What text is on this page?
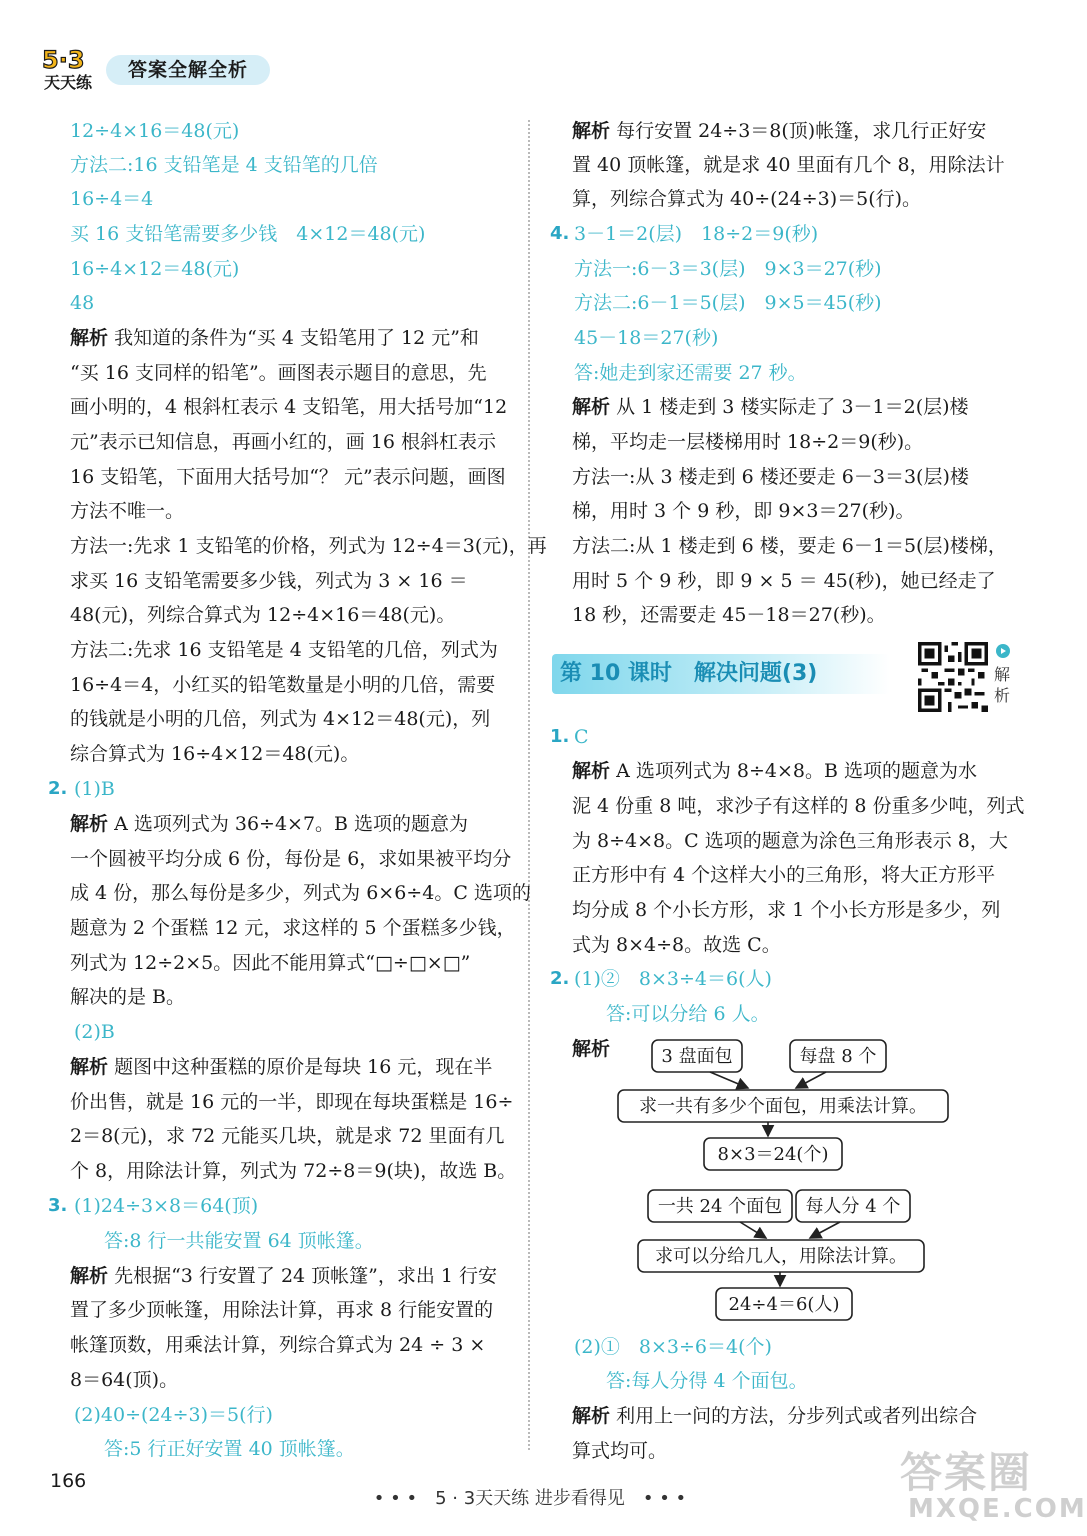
5·3
天天练
答案全解全析
12÷4×16＝48(元)
方法二:16 支铅笔是 4 支铅笔的几倍
16÷4＝4
买 16 支铅笔需要多少钱　4×12＝48(元)
16÷4×12＝48(元)
48
解析 我知道的条件为“买 4 支铅笔用了 12 元”和
“买 16 支同样的铅笔”。画图表示题目的意思，先
画小明的，4 根斜杠表示 4 支铅笔，用大括号加“12
元”表示已知信息，再画小红的，画 16 根斜杠表示
16 支铅笔，下面用大括号加“？ 元”表示问题，画图
方法不唯一。
方法一:先求 1 支铅笔的价格，列式为 12÷4＝3(元)，再
求买 16 支铅笔需要多少钱，列式为 3 × 16 ＝
48(元)，列综合算式为 12÷4×16＝48(元)。
方法二:先求 16 支铅笔是 4 支铅笔的几倍，列式为
16÷4＝4，小红买的铅笔数量是小明的几倍，需要
的钱就是小明的几倍，列式为 4×12＝48(元)，列
综合算式为 16÷4×12＝48(元)。
2. (1)B
解析 A 选项列式为 36÷4×7。B 选项的题意为
一个圆被平均分成 6 份，每份是 6，求如果被平均分
成 4 份，那么每份是多少，列式为 6×6÷4。C 选项的
题意为 2 个蛋糕 12 元，求这样的 5 个蛋糕多少钱，
列式为 12÷2×5。因此不能用算式“□÷□×□”
解决的是 B。
(2)B
解析 题图中这种蛋糕的原价是每块 16 元，现在半
价出售，就是 16 元的一半，即现在每块蛋糕是 16÷
2＝8(元)，求 72 元能买几块，就是求 72 里面有几
个 8，用除法计算，列式为 72÷8＝9(块)，故选 B。
3. (1)24÷3×8＝64(顶)
答:8 行一共能安置 64 顶帐篷。
解析 先根据“3 行安置了 24 顶帐篷”，求出 1 行安
置了多少顶帐篷，用除法计算，再求 8 行能安置的
帐篷顶数，用乘法计算，列综合算式为 24 ÷ 3 ×
8＝64(顶)。
(2)40÷(24÷3)＝5(行)
答:5 行正好安置 40 顶帐篷。
解析 每行安置 24÷3＝8(顶)帐篷，求几行正好安
置 40 顶帐篷，就是求 40 里面有几个 8，用除法计
算，列综合算式为 40÷(24÷3)＝5(行)。
4. 3－1＝2(层)　18÷2＝9(秒)
方法一:6－3＝3(层)　9×3＝27(秒)
方法二:6－1＝5(层)　9×5＝45(秒)
45－18＝27(秒)
答:她走到家还需要 27 秒。
解析 从 1 楼走到 3 楼实际走了 3－1＝2(层)楼
梯，平均走一层楼梯用时 18÷2＝9(秒)。
方法一:从 3 楼走到 6 楼还要走 6－3＝3(层)楼
梯，用时 3 个 9 秒，即 9×3＝27(秒)。
方法二:从 1 楼走到 6 楼，要走 6－1＝5(层)楼梯，
用时 5 个 9 秒，即 9 × 5 ＝ 45(秒)，她已经走了
18 秒，还需要走 45－18＝27(秒)。
第 10 课时　解决问题(3)	解析
1. C
解析 A 选项列式为 8÷4×8。B 选项的题意为水
泥 4 份重 8 吨，求沙子有这样的 8 份重多少吨，列式
为 8÷4×8。C 选项的题意为涂色三角形表示 8，大
正方形中有 4 个这样大小的三角形，将大正方形平
均分成 8 个小长方形，求 1 个小长方形是多少，列
式为 8×4÷8。故选 C。
2. (1)②　8×3÷4＝6(人)
答:可以分给 6 人。
解析	3 盘面包	每盘 8 个
求一共有多少个面包，用乘法计算。
8×3＝24(个)
一共 24 个面包 每人分 4 个
求可以分给几人，用除法计算。
24÷4＝6(人)
(2)①　8×3÷6＝4(个)
答:每人分得 4 个面包。
解析 利用上一问的方法，分步列式或者列出综合
算式均可。
166
• • •　5 · 3天天练 进步看得见　• • •
答案圈
MXQE.COM
